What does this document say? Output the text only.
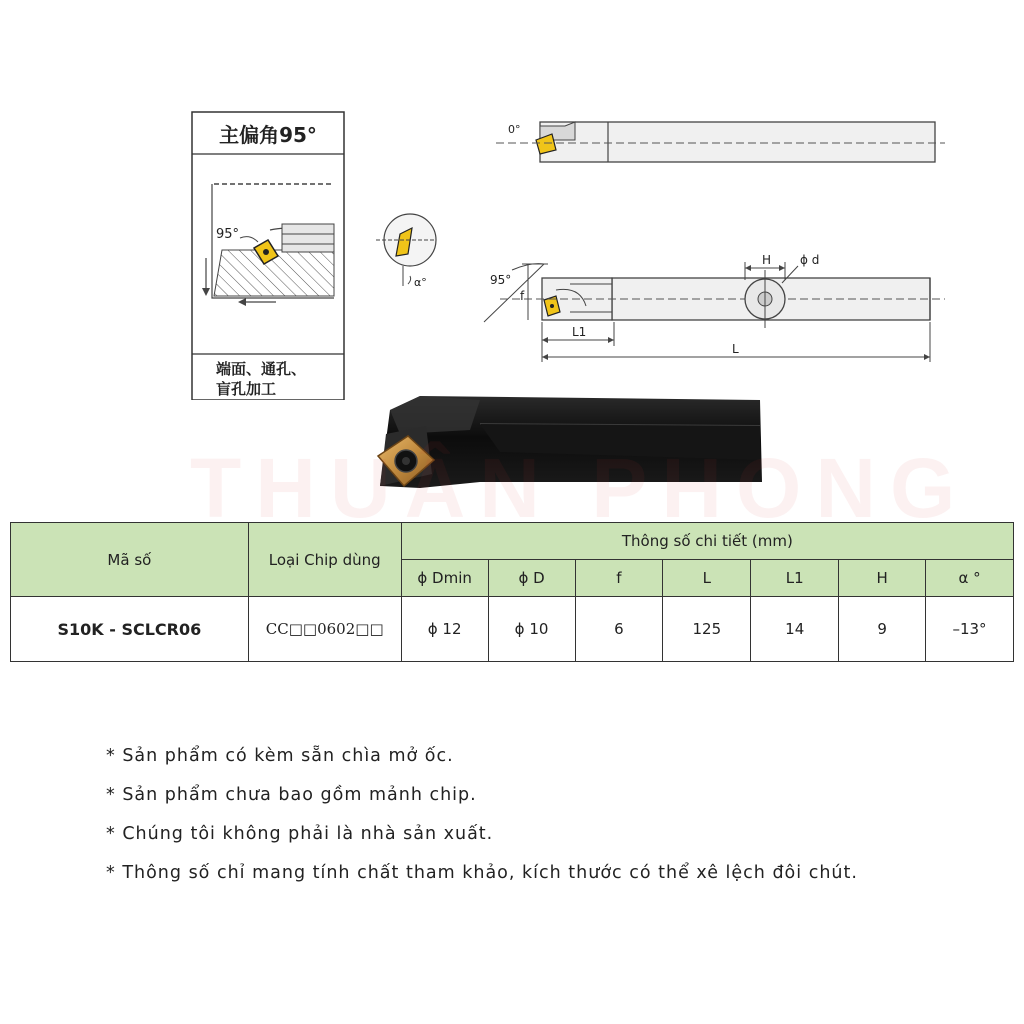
主偏角95°
95°
端面、通孔、
盲孔加工
α°
0°
H ϕ d
f
95°
L1
L
THUẬN PHONG
Mã số	Loại Chip dùng	Thông số chi tiết (mm)						
		ϕ Dmin	ϕ D	f	L	L1	H	α °
S10K - SCLCR06	CC□□0602□□	ϕ 12	ϕ 10	6	125	14	9	–13°
* Sản phẩm có kèm sẵn chìa mở ốc.
* Sản phẩm chưa bao gồm mảnh chip.
* Chúng tôi không phải là nhà sản xuất.
* Thông số chỉ mang tính chất tham khảo, kích thước có thể xê lệch đôi chút.
